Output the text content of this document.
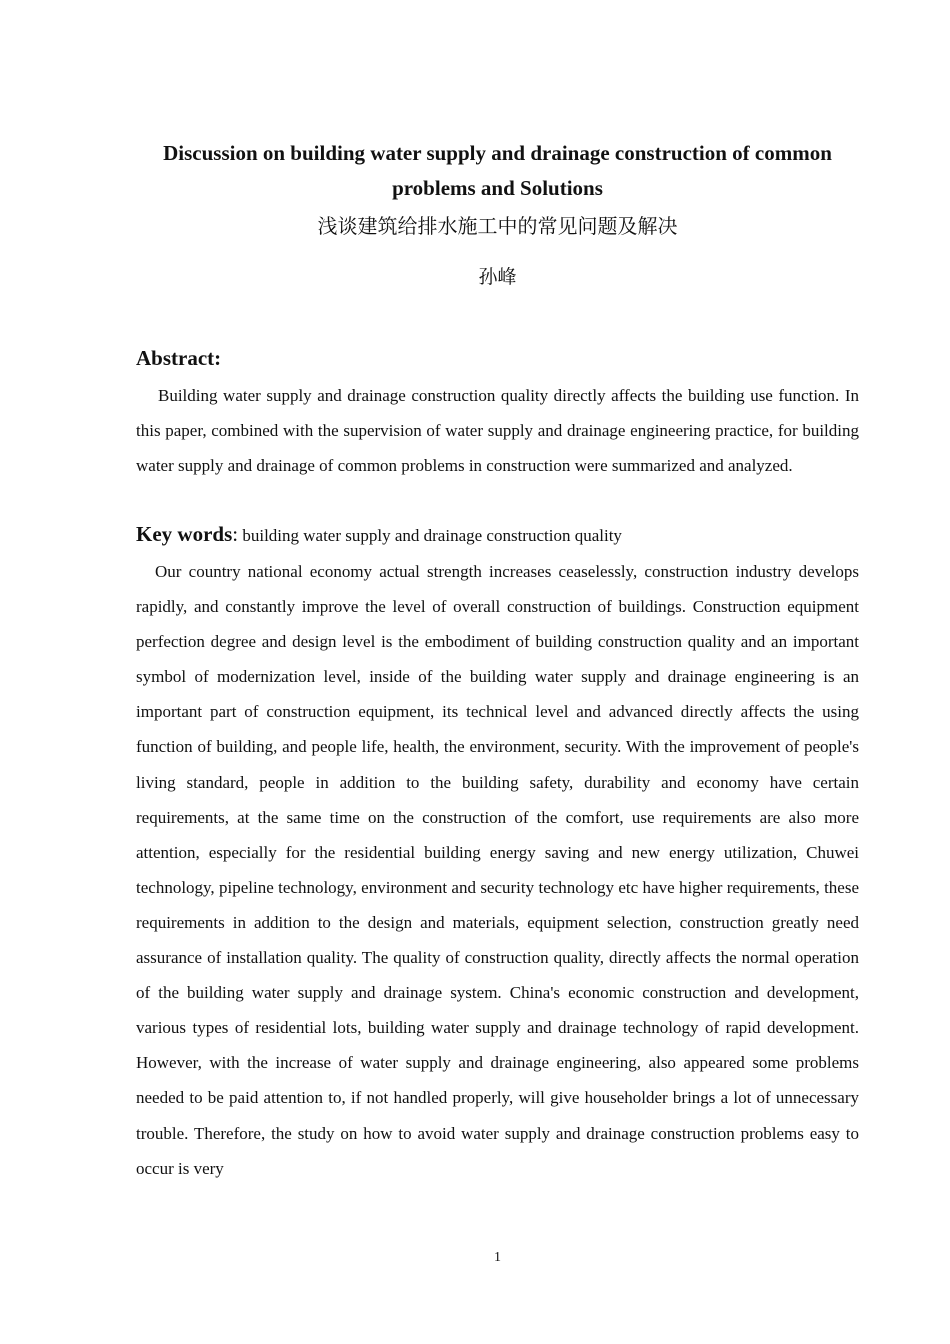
Discussion on building water supply and drainage construction of common problems and Solutions
浅谈建筑给排水施工中的常见问题及解决
孙峰
Abstract:

Building water supply and drainage construction quality directly affects the building use function. In this paper, combined with the supervision of water supply and drainage engineering practice, for building water supply and drainage of common problems in construction were summarized and analyzed.

Key words: building water supply and drainage construction quality

Our country national economy actual strength increases ceaselessly, construction industry develops rapidly, and constantly improve the level of overall construction of buildings. Construction equipment perfection degree and design level is the embodiment of building construction quality and an important symbol of modernization level, inside of the building water supply and drainage engineering is an important part of construction equipment, its technical level and advanced directly affects the using function of building, and people life, health, the environment, security. With the improvement of people's living standard, people in addition to the building safety, durability and economy have certain requirements, at the same time on the construction of the comfort, use requirements are also more attention, especially for the residential building energy saving and new energy utilization, Chuwei technology, pipeline technology, environment and security technology etc have higher requirements, these requirements in addition to the design and materials, equipment selection, construction greatly need assurance of installation quality. The quality of construction quality, directly affects the normal operation of the building water supply and drainage system. China's economic construction and development, various types of residential lots, building water supply and drainage technology of rapid development. However, with the increase of water supply and drainage engineering, also appeared some problems needed to be paid attention to, if not handled properly, will give householder brings a lot of unnecessary trouble. Therefore, the study on how to avoid water supply and drainage construction problems easy to occur is very

1
